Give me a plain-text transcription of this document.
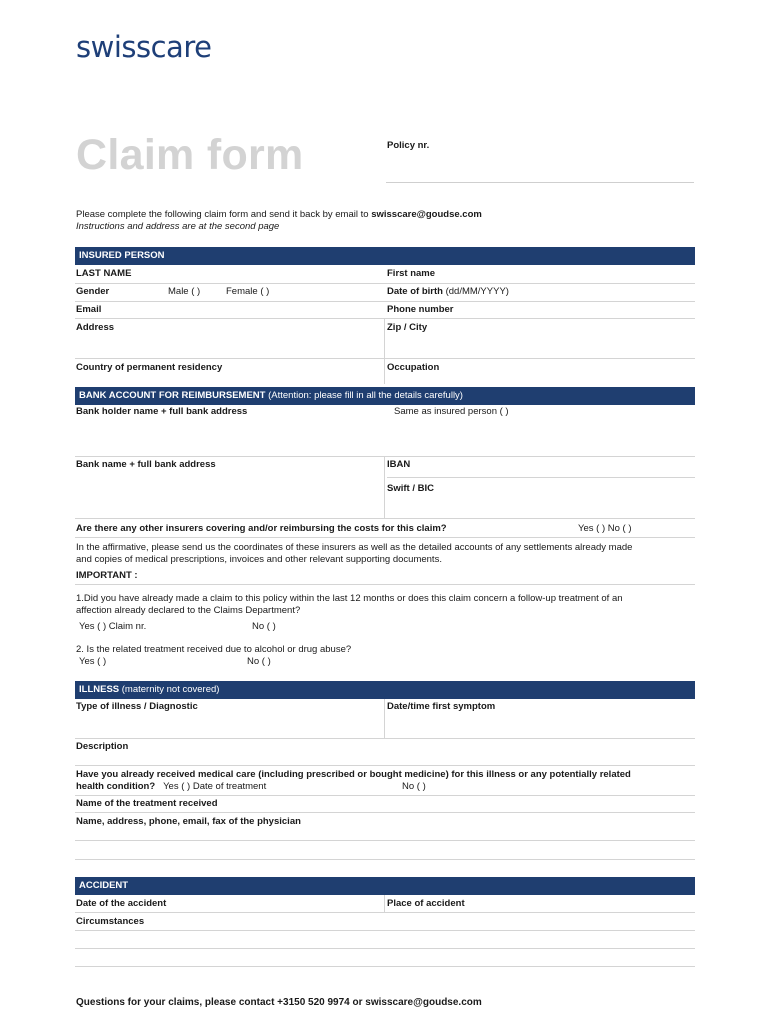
swisscare
Claim form	Policy nr.
Please complete the following claim form and send it back by email to swisscare@goudse.com
Instructions and address are at the second page
INSURED PERSON
LAST NAME	First name
Gender	Male ( )	Female ( )	Date of birth (dd/MM/YYYY)
Email	Phone number
Address	Zip / City
Country of permanent residency	Occupation
BANK ACCOUNT FOR REIMBURSEMENT (Attention: please fill in all the details carefully)
Bank holder name + full bank address	Same as insured person ( )
Bank name + full bank address	IBAN
Swift / BIC
Are there any other insurers covering and/or reimbursing the costs for this claim?	Yes ( ) No ( )
In the affirmative, please send us the coordinates of these insurers as well as the detailed accounts of any settlements already made
and copies of medical prescriptions, invoices and other relevant supporting documents.
IMPORTANT :
1.Did you have already made a claim to this policy within the last 12 months or does this claim concern a follow-up treatment of an
affection already declared to the Claims Department?
Yes ( ) Claim nr.	No ( )
2. Is the related treatment received due to alcohol or drug abuse?
Yes ( )	No ( )
ILLNESS (maternity not covered)
Type of illness / Diagnostic	Date/time first symptom
Description
Have you already received medical care (including prescribed or bought medicine) for this illness or any potentially related
health condition? Yes ( ) Date of treatment	No ( )
Name of the treatment received
Name, address, phone, email, fax of the physician
ACCIDENT
Date of the accident	Place of accident
Circumstances
Questions for your claims, please contact +3150 520 9974 or swisscare@goudse.com
